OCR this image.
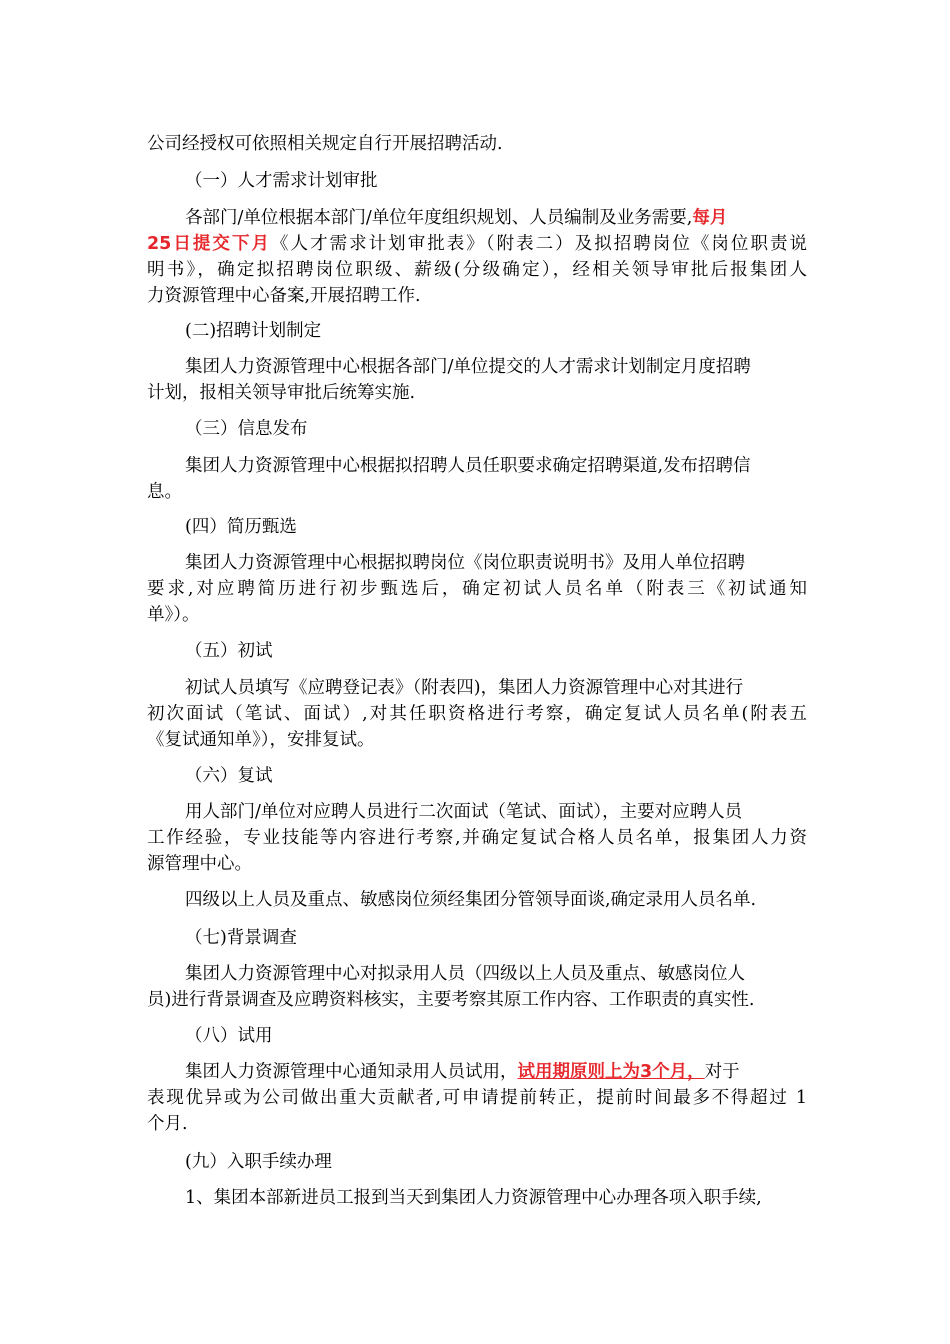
公司经授权可依照相关规定自行开展招聘活动.
（一）人才需求计划审批
各部门/单位根据本部门/单位年度组织规划、人员编制及业务需要,每月
25日提交下月《人才需求计划审批表》（附表二）及拟招聘岗位《岗位职责说
明书》，确定拟招聘岗位职级、薪级(分级确定），经相关领导审批后报集团人
力资源管理中心备案,开展招聘工作.
(二)招聘计划制定
集团人力资源管理中心根据各部门/单位提交的人才需求计划制定月度招聘
计划，报相关领导审批后统筹实施.
（三）信息发布
集团人力资源管理中心根据拟招聘人员任职要求确定招聘渠道,发布招聘信
息。
(四）简历甄选
集团人力资源管理中心根据拟聘岗位《岗位职责说明书》及用人单位招聘
要求,对应聘简历进行初步甄选后，确定初试人员名单（附表三《初试通知
单》）。
（五）初试
初试人员填写《应聘登记表》（附表四)，集团人力资源管理中心对其进行
初次面试（笔试、面试）,对其任职资格进行考察，确定复试人员名单(附表五
《复试通知单》），安排复试。
（六）复试
用人部门/单位对应聘人员进行二次面试（笔试、面试），主要对应聘人员
工作经验，专业技能等内容进行考察,并确定复试合格人员名单，报集团人力资
源管理中心。
四级以上人员及重点、敏感岗位须经集团分管领导面谈,确定录用人员名单.
（七)背景调查
集团人力资源管理中心对拟录用人员（四级以上人员及重点、敏感岗位人
员)进行背景调查及应聘资料核实，主要考察其原工作内容、工作职责的真实性.
（八）试用
集团人力资源管理中心通知录用人员试用，试用期原则上为3个月，对于
表现优异或为公司做出重大贡献者,可申请提前转正，提前时间最多不得超过 1
个月.
(九）入职手续办理
1、集团本部新进员工报到当天到集团人力资源管理中心办理各项入职手续,
